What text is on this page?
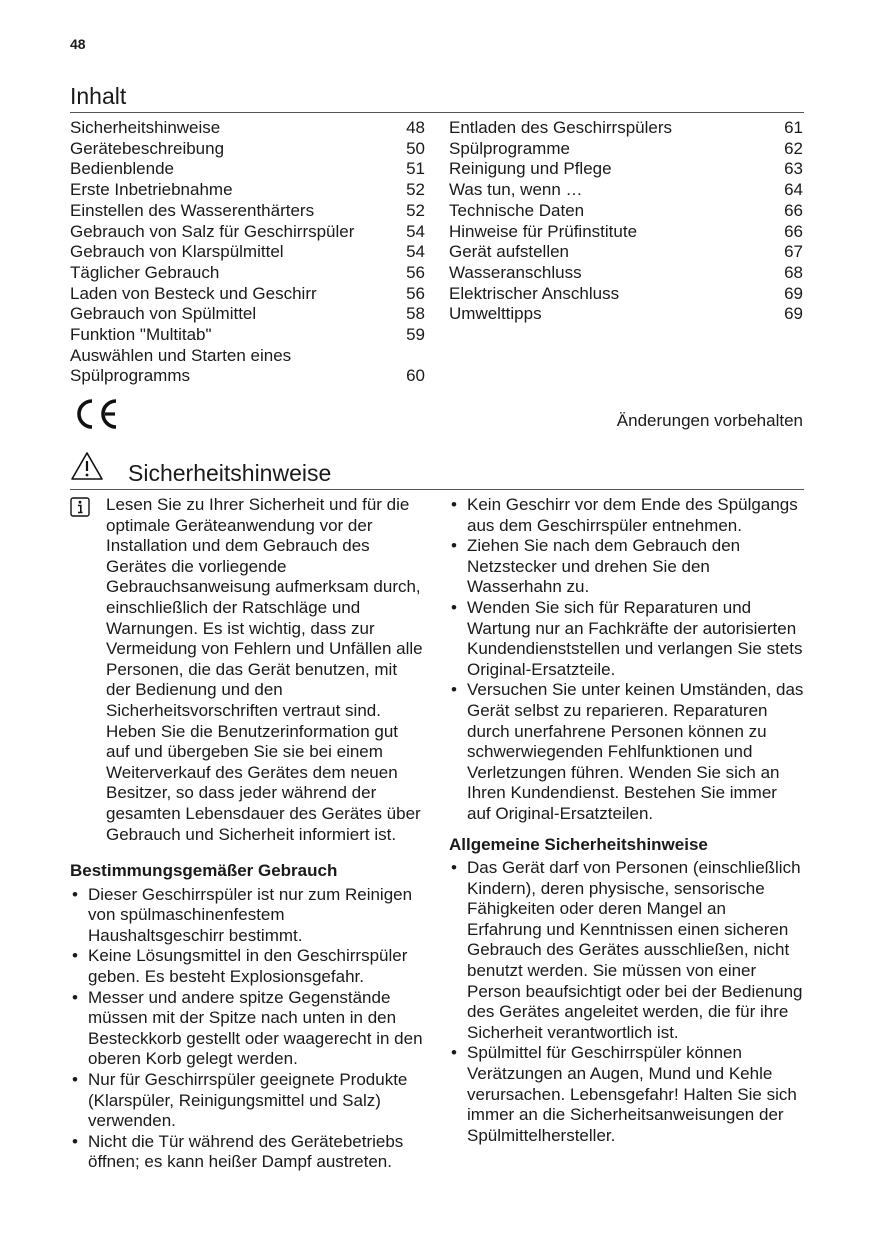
48
Inhalt
Sicherheitshinweise	48
Gerätebeschreibung	50
Bedienblende	51
Erste Inbetriebnahme	52
Einstellen des Wasserenthärters	52
Gebrauch von Salz für Geschirrspüler	54
Gebrauch von Klarspülmittel	54
Täglicher Gebrauch	56
Laden von Besteck und Geschirr	56
Gebrauch von Spülmittel	58
Funktion "Multitab"	59
Auswählen und Starten eines
Spülprogramms	60
Entladen des Geschirrspülers	61
Spülprogramme	62
Reinigung und Pflege	63
Was tun, wenn …	64
Technische Daten	66
Hinweise für Prüfinstitute	66
Gerät aufstellen	67
Wasseranschluss	68
Elektrischer Anschluss	69
Umwelttipps	69
Änderungen vorbehalten
Sicherheitshinweise

Lesen Sie zu Ihrer Sicherheit und für die optimale Geräteanwendung vor der Installation und dem Gebrauch des Gerätes die vorliegende Gebrauchsanweisung aufmerksam durch, einschließlich der Ratschläge und Warnungen. Es ist wichtig, dass zur Vermeidung von Fehlern und Unfällen alle Personen, die das Gerät benutzen, mit der Bedienung und den Sicherheitsvorschriften vertraut sind. Heben Sie die Benutzerinformation gut auf und übergeben Sie sie bei einem Weiterverkauf des Gerätes dem neuen Besitzer, so dass jeder während der gesamten Lebensdauer des Gerätes über Gebrauch und Sicherheit informiert ist.

Bestimmungsgemäßer Gebrauch
• Dieser Geschirrspüler ist nur zum Reinigen von spülmaschinenfestem Haushaltsgeschirr bestimmt.
• Keine Lösungsmittel in den Geschirrspüler geben. Es besteht Explosionsgefahr.
• Messer und andere spitze Gegenstände müssen mit der Spitze nach unten in den Besteckkorb gestellt oder waagerecht in den oberen Korb gelegt werden.
• Nur für Geschirrspüler geeignete Produkte (Klarspüler, Reinigungsmittel und Salz) verwenden.
• Nicht die Tür während des Gerätebetriebs öffnen; es kann heißer Dampf austreten.
• Kein Geschirr vor dem Ende des Spülgangs aus dem Geschirrspüler entnehmen.
• Ziehen Sie nach dem Gebrauch den Netzstecker und drehen Sie den Wasserhahn zu.
• Wenden Sie sich für Reparaturen und Wartung nur an Fachkräfte der autorisierten Kundendienststellen und verlangen Sie stets Original-Ersatzteile.
• Versuchen Sie unter keinen Umständen, das Gerät selbst zu reparieren. Reparaturen durch unerfahrene Personen können zu schwerwiegenden Fehlfunktionen und Verletzungen führen. Wenden Sie sich an Ihren Kundendienst. Bestehen Sie immer auf Original-Ersatzteilen.
Allgemeine Sicherheitshinweise
• Das Gerät darf von Personen (einschließlich Kindern), deren physische, sensorische Fähigkeiten oder deren Mangel an Erfahrung und Kenntnissen einen sicheren Gebrauch des Gerätes ausschließen, nicht benutzt werden. Sie müssen von einer Person beaufsichtigt oder bei der Bedienung des Gerätes angeleitet werden, die für ihre Sicherheit verantwortlich ist.
• Spülmittel für Geschirrspüler können Verätzungen an Augen, Mund und Kehle verursachen. Lebensgefahr! Halten Sie sich immer an die Sicherheitsanweisungen der Spülmittelhersteller.
